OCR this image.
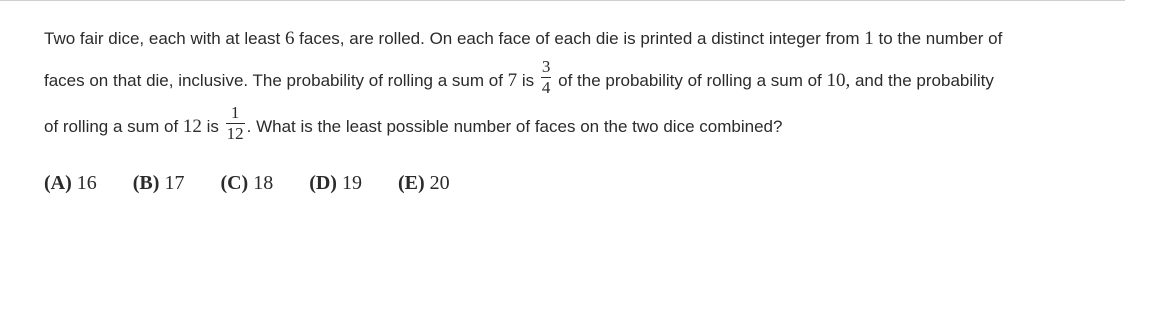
Two fair dice, each with at least 6 faces, are rolled. On each face of each die is printed a distinct integer from 1 to the number of
faces on that die, inclusive. The probability of rolling a sum of 7 is $\frac{3}{4}$ of the probability of rolling a sum of 10, and the probability
of rolling a sum of 12 is $\frac{1}{12}$ . What is the least possible number of faces on the two dice combined?
(A) 16 (B) 17 (C) 18 (D) 19 (E) 20
